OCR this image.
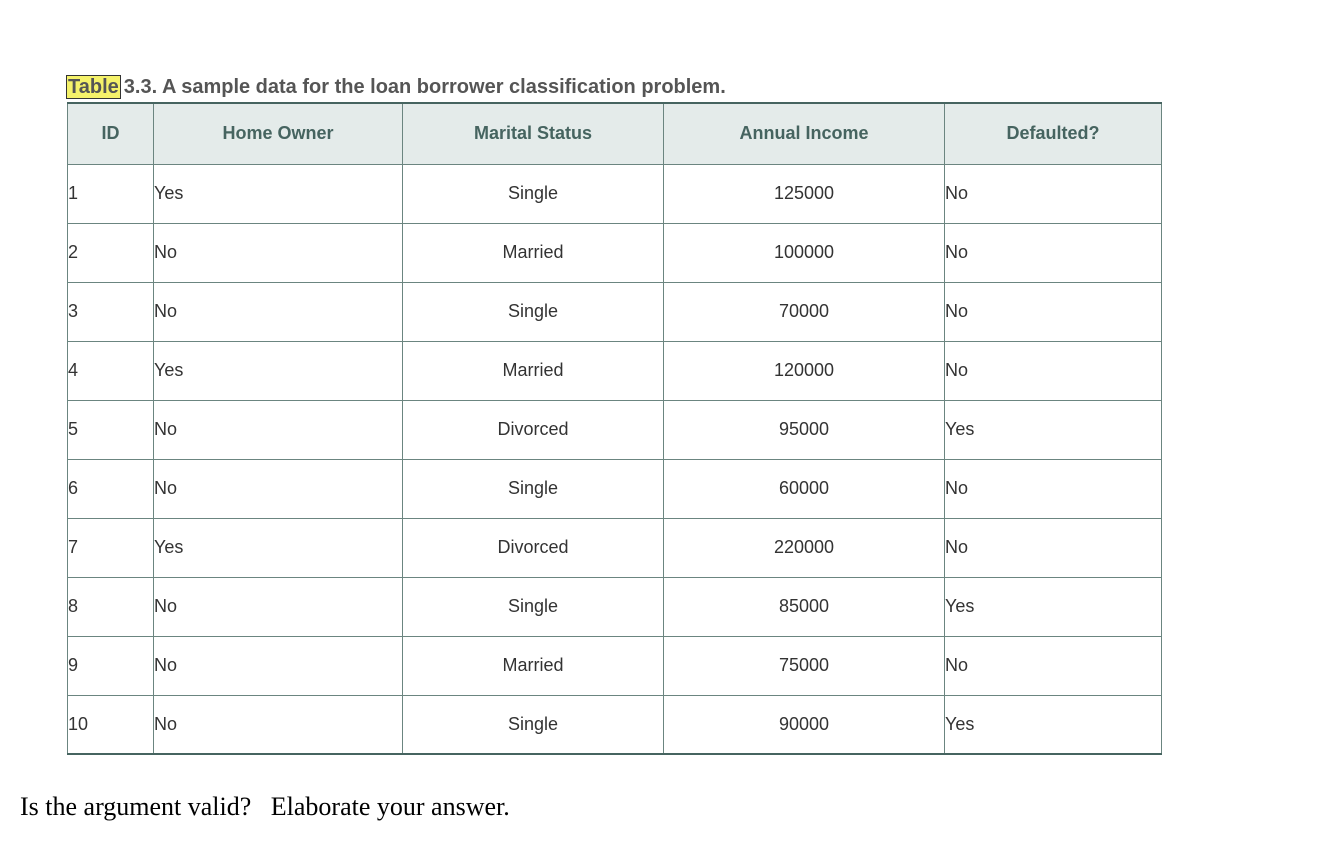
Table 3.3. A sample data for the loan borrower classification problem.
ID	Home Owner	Marital Status	Annual Income	Defaulted?
1	Yes	Single	125000	No
2	No	Married	100000	No
3	No	Single	70000	No
4	Yes	Married	120000	No
5	No	Divorced	95000	Yes
6	No	Single	60000	No
7	Yes	Divorced	220000	No
8	No	Single	85000	Yes
9	No	Married	75000	No
10	No	Single	90000	Yes
Is the argument valid?   Elaborate your answer.
